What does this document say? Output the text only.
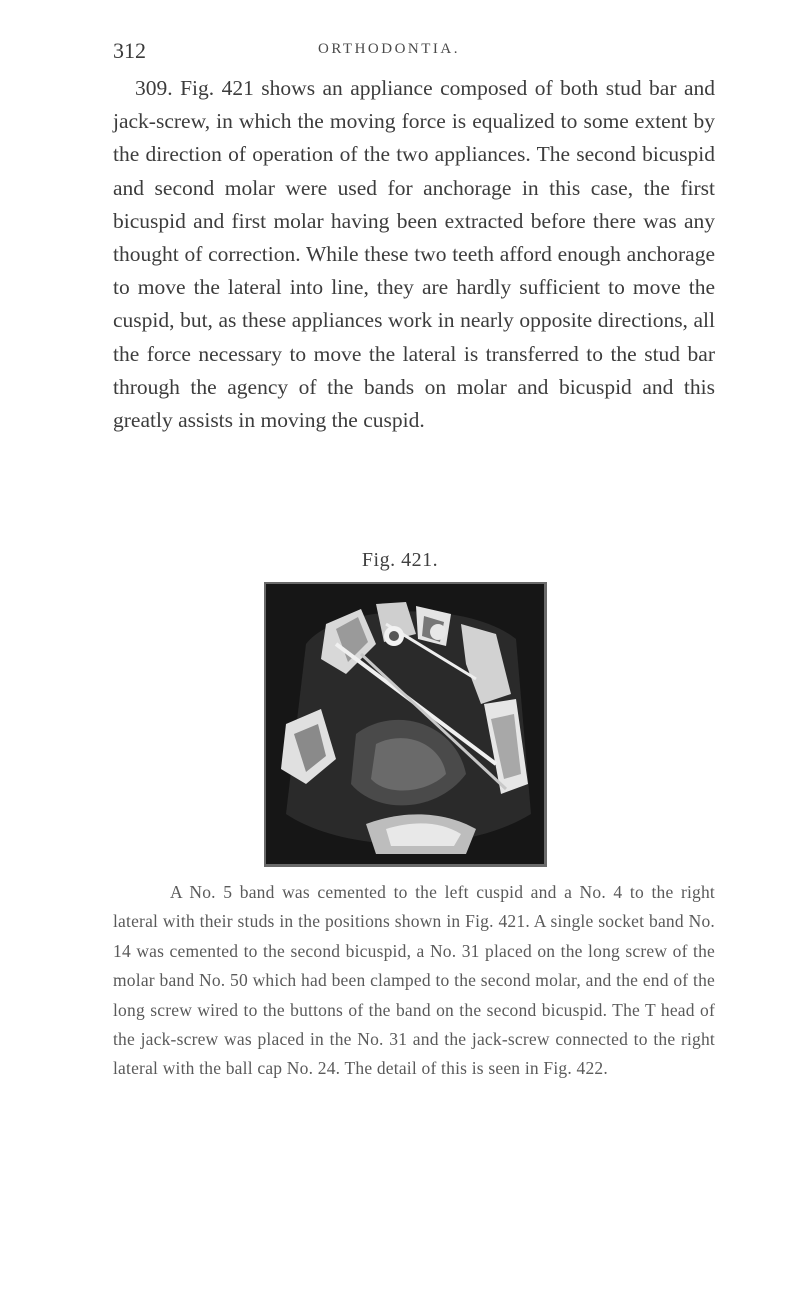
312	ORTHODONTIA.

309. Fig. 421 shows an appliance composed of both stud bar and jack-screw, in which the moving force is equalized to some extent by the direction of operation of the two appliances. The second bicuspid and second molar were used for anchorage in this case, the first bicuspid and first molar having been extracted before there was any thought of correction. While these two teeth afford enough anchorage to move the lateral into line, they are hardly sufficient to move the cuspid, but, as these appliances work in nearly opposite directions, all the force necessary to move the lateral is transferred to the stud bar through the agency of the bands on molar and bicuspid and this greatly assists in moving the cuspid.

Fig. 421.

A No. 5 band was cemented to the left cuspid and a No. 4 to the right lateral with their studs in the positions shown in Fig. 421. A single socket band No. 14 was cemented to the second bicuspid, a No. 31 placed on the long screw of the molar band No. 50 which had been clamped to the second molar, and the end of the long screw wired to the buttons of the band on the second bicuspid. The T head of the jack-screw was placed in the No. 31 and the jack-screw connected to the right lateral with the ball cap No. 24. The detail of this is seen in Fig. 422.
